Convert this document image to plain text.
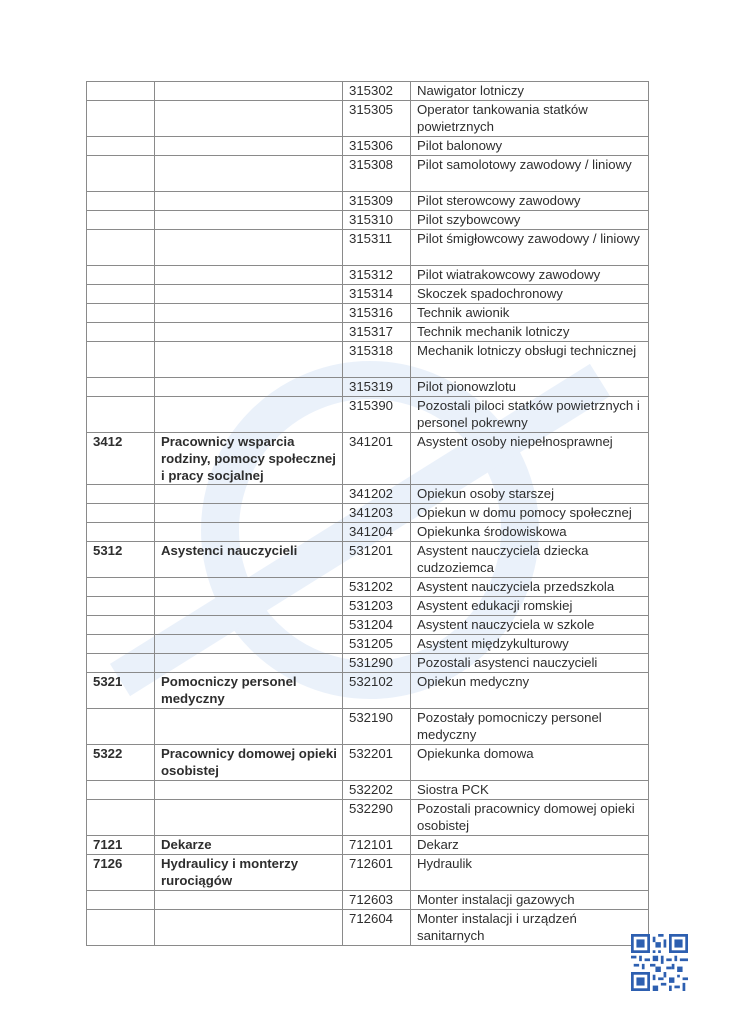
		315302	Nawigator lotniczy
		315305	Operator tankowania statków powietrznych
		315306	Pilot balonowy
		315308	Pilot samolotowy zawodowy / liniowy
		315309	Pilot sterowcowy zawodowy
		315310	Pilot szybowcowy
		315311	Pilot śmigłowcowy zawodowy / liniowy
		315312	Pilot wiatrakowcowy zawodowy
		315314	Skoczek spadochronowy
		315316	Technik awionik
		315317	Technik mechanik lotniczy
		315318	Mechanik lotniczy obsługi technicznej
		315319	Pilot pionowzlotu
		315390	Pozostali piloci statków powietrznych i personel pokrewny
3412	Pracownicy wsparcia rodziny, pomocy społecznej i pracy socjalnej	341201	Asystent osoby niepełnosprawnej
		341202	Opiekun osoby starszej
		341203	Opiekun w domu pomocy społecznej
		341204	Opiekunka środowiskowa
5312	Asystenci nauczycieli	531201	Asystent nauczyciela dziecka cudzoziemca
		531202	Asystent nauczyciela przedszkola
		531203	Asystent edukacji romskiej
		531204	Asystent nauczyciela w szkole
		531205	Asystent międzykulturowy
		531290	Pozostali asystenci nauczycieli
5321	Pomocniczy personel medyczny	532102	Opiekun medyczny
		532190	Pozostały pomocniczy personel medyczny
5322	Pracownicy domowej opieki osobistej	532201	Opiekunka domowa
		532202	Siostra PCK
		532290	Pozostali pracownicy domowej opieki osobistej
7121	Dekarze	712101	Dekarz
7126	Hydraulicy i monterzy rurociągów	712601	Hydraulik
		712603	Monter instalacji gazowych
		712604	Monter instalacji i urządzeń sanitarnych
